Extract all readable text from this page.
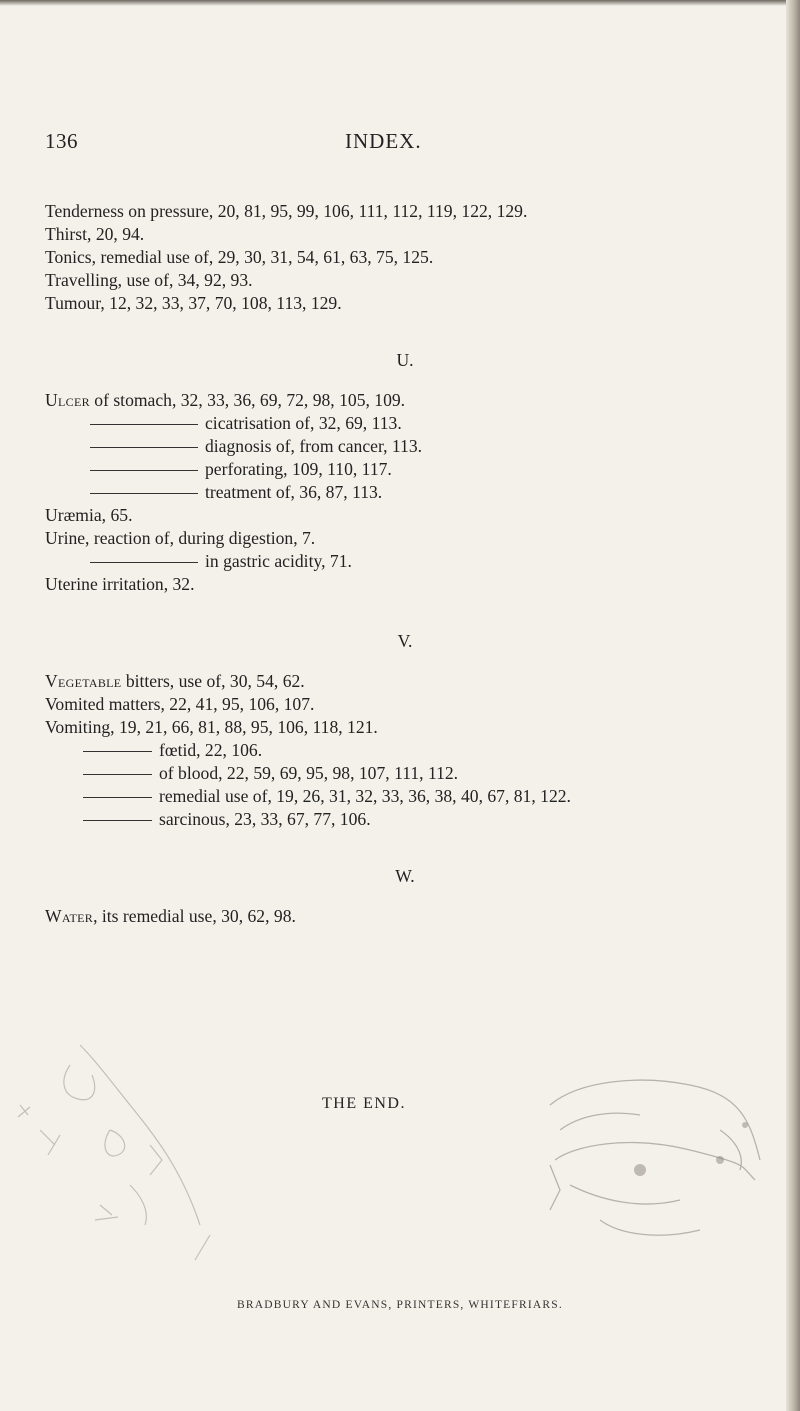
136	INDEX.
Tenderness on pressure, 20, 81, 95, 99, 106, 111, 112, 119, 122, 129.
Thirst, 20, 94.
Tonics, remedial use of, 29, 30, 31, 54, 61, 63, 75, 125.
Travelling, use of, 34, 92, 93.
Tumour, 12, 32, 33, 37, 70, 108, 113, 129.
U.
Ulcer of stomach, 32, 33, 36, 69, 72, 98, 105, 109.
cicatrisation of, 32, 69, 113.
diagnosis of, from cancer, 113.
perforating, 109, 110, 117.
treatment of, 36, 87, 113.
Uræmia, 65.
Urine, reaction of, during digestion, 7.
in gastric acidity, 71.
Uterine irritation, 32.
V.
Vegetable bitters, use of, 30, 54, 62.
Vomited matters, 22, 41, 95, 106, 107.
Vomiting, 19, 21, 66, 81, 88, 95, 106, 118, 121.
fœtid, 22, 106.
of blood, 22, 59, 69, 95, 98, 107, 111, 112.
remedial use of, 19, 26, 31, 32, 33, 36, 38, 40, 67, 81, 122.
sarcinous, 23, 33, 67, 77, 106.
W.
Water, its remedial use, 30, 62, 98.
THE END.
BRADBURY AND EVANS, PRINTERS, WHITEFRIARS.
